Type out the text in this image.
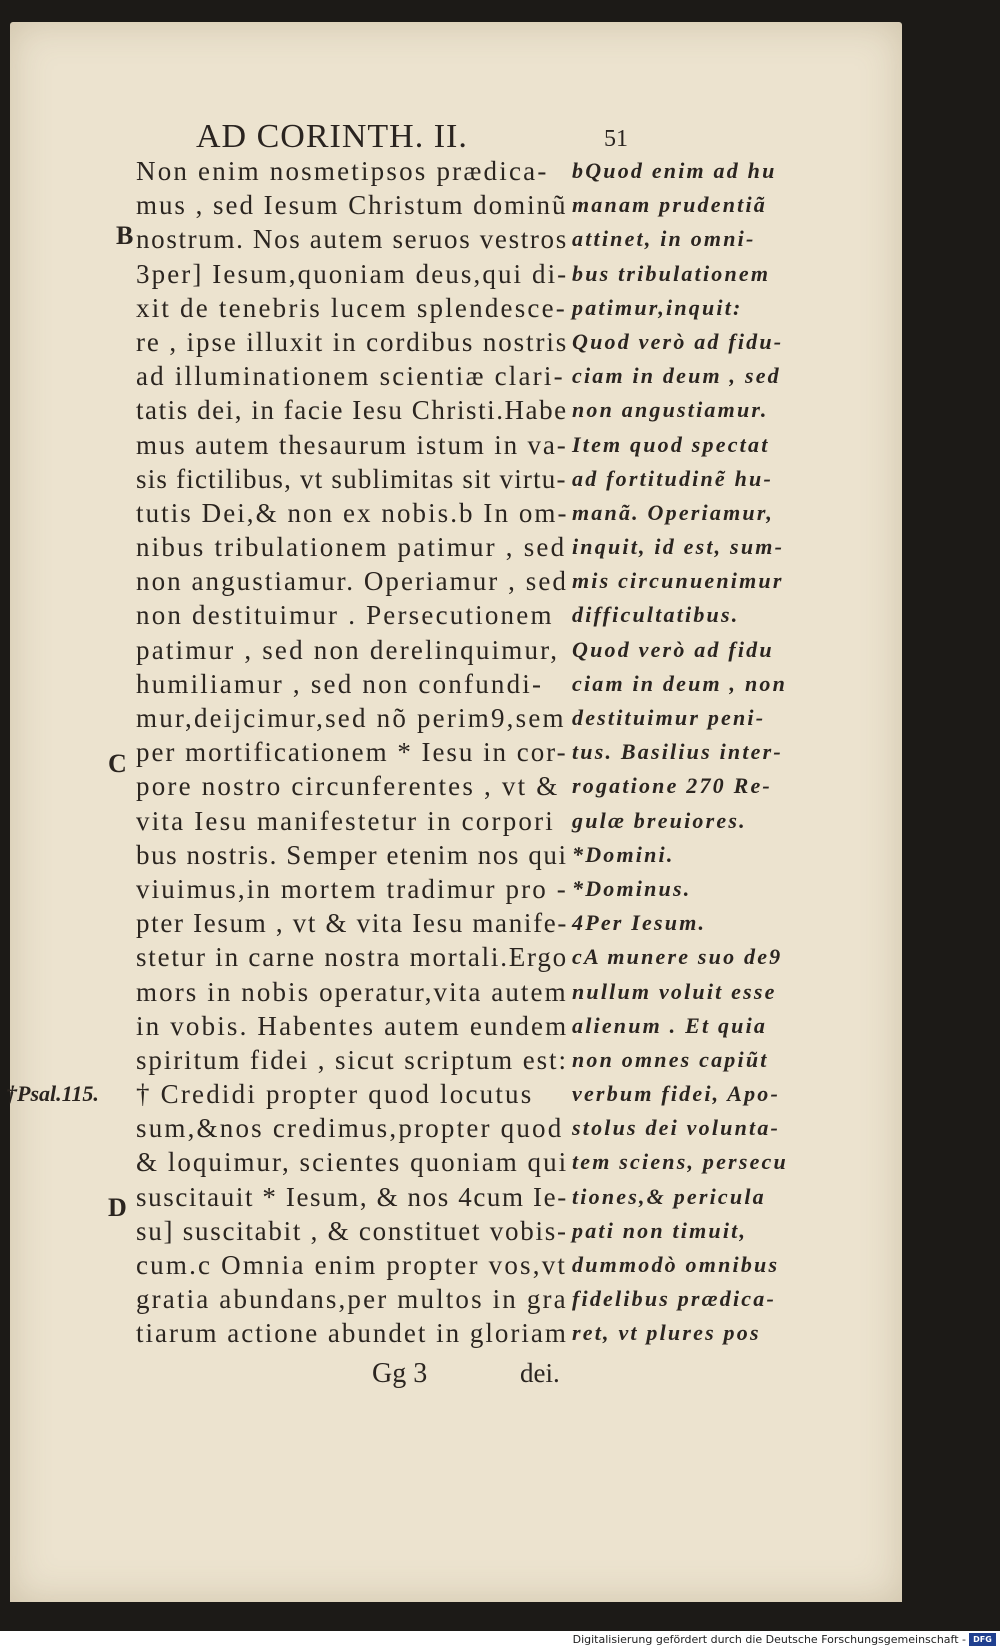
AD CORINTH. II.	51
Non enim nosmetipsos prædica-
mus , sed Iesum Christum dominũ
nostrum. Nos autem seruos vestros
3per] Iesum,quoniam deus,qui di-
xit de tenebris lucem splendesce-
re , ipse illuxit in cordibus nostris
ad illuminationem scientiæ clari-
tatis dei, in facie Iesu Christi.Habe
mus autem thesaurum istum in va-
sis fictilibus, vt sublimitas sit virtu-
tutis Dei,& non ex nobis.b In om-
nibus tribulationem patimur , sed
non angustiamur. Operiamur , sed
non destituimur . Persecutionem
patimur , sed non derelinquimur,
humiliamur , sed non confundi-
mur,deijcimur,sed nõ perim9,sem
per mortificationem * Iesu in cor-
pore nostro circunferentes , vt &
vita Iesu manifestetur in corpori
bus nostris. Semper etenim nos qui
viuimus,in mortem tradimur pro -
pter Iesum , vt & vita Iesu manife-
stetur in carne nostra mortali.Ergo
mors in nobis operatur,vita autem
in vobis. Habentes autem eundem
spiritum fidei , sicut scriptum est:
† Credidi propter quod locutus
sum,&nos credimus,propter quod
& loquimur, scientes quoniam qui
suscitauit * Iesum, & nos 4cum Ie-
su] suscitabit , & constituet vobis-
cum.c Omnia enim propter vos,vt
gratia abundans,per multos in gra
tiarum actione abundet in gloriam
bQuod enim ad hu
manam prudentiã
attinet, in omni-
bus tribulationem
patimur,inquit:
Quod verò ad fidu-
ciam in deum , sed
non angustiamur.
Item quod spectat
ad fortitudinẽ hu-
manã. Operiamur,
inquit, id est, sum-
mis circunuenimur
difficultatibus.
Quod verò ad fidu
ciam in deum , non
destituimur peni-
tus. Basilius inter-
rogatione 270 Re-
gulæ breuiores.
*Domini.
*Dominus.
4Per Iesum.
cA munere suo de9
nullum voluit esse
alienum . Et quia
non omnes capiũt
verbum fidei, Apo-
stolus dei volunta-
tem sciens, persecu
tiones,& pericula
pati non timuit,
dummodò omnibus
fidelibus prædica-
ret, vt plures pos
B
C
D
†Psal.115.
Gg 3	dei.
Digitalisierung gefördert durch die Deutsche Forschungsgemeinschaft - DFG
